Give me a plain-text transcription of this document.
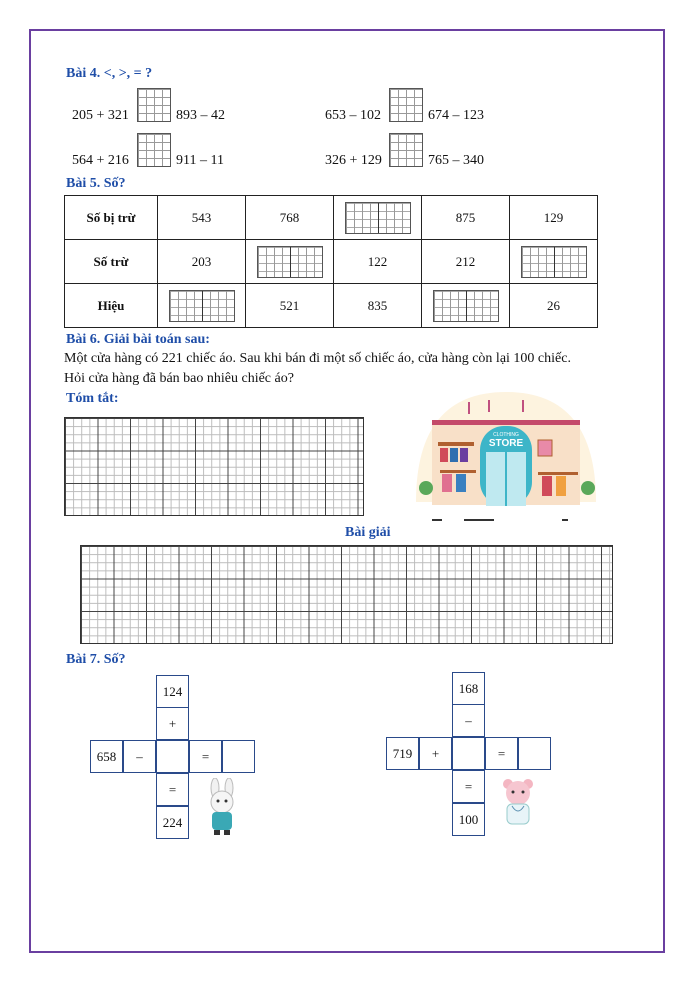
Bài 4. <, >, = ?
205 + 321	893 – 42	653 – 102	674 – 123
564 + 216	911 – 11	326 + 129	765 – 340
Bài 5. Số?
Số bị trừ	543	768		875	129
Số trừ	203		122	212	
Hiệu		521	835		26
Bài 6. Giải bài toán sau:
Một cửa hàng có 221 chiếc áo. Sau khi bán đi một số chiếc áo, cửa hàng còn lại 100 chiếc.
Hỏi cửa hàng đã bán bao nhiêu chiếc áo?
Tóm tắt:
CLOTHING
STORE
Bài giải
Bài 7. Số?
124
+
658	–	=
=
224
168
–
719	+	=
=
100
